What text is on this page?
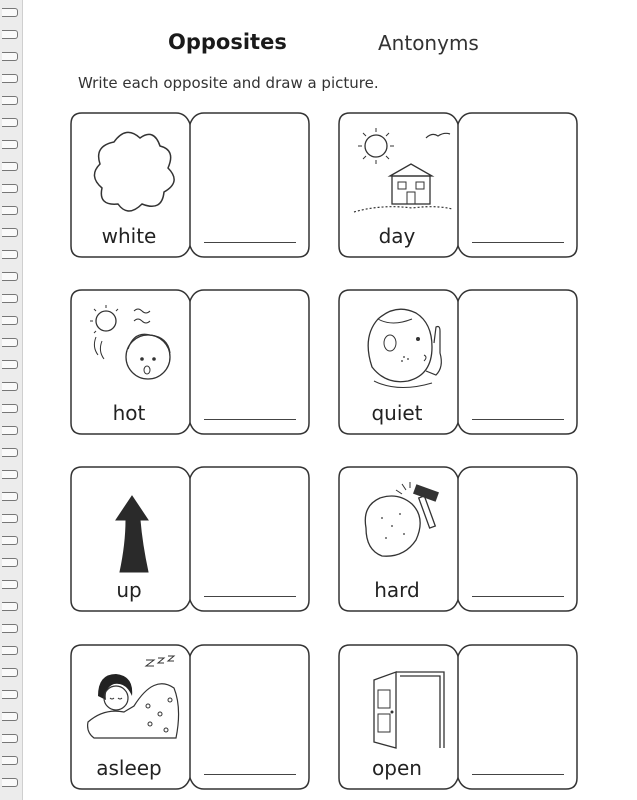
Opposites	Antonyms
Write each opposite and draw a picture.
white	day
hot	quiet
up	hard
asleep	open
